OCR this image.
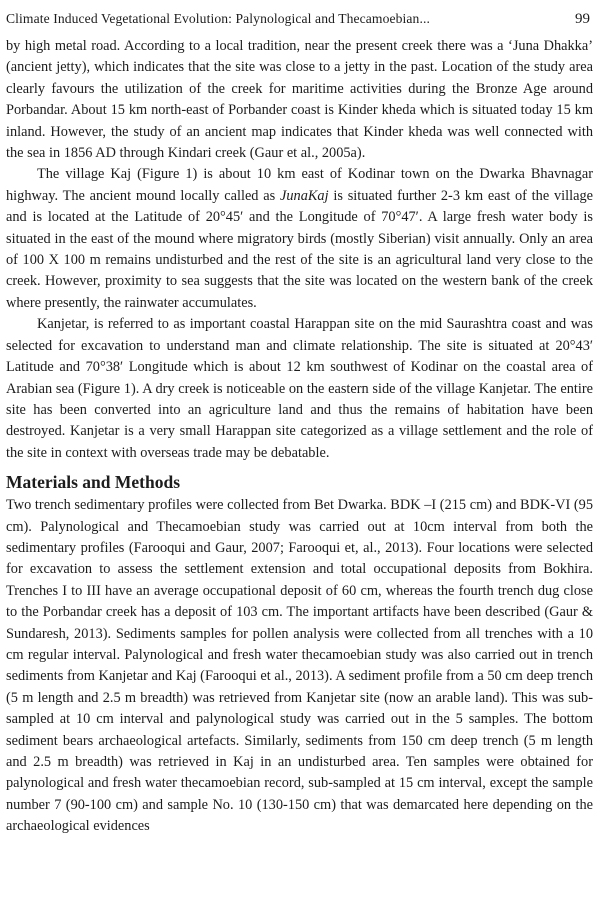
Climate Induced Vegetational Evolution: Palynological and Thecamoebian...	99

by high metal road. According to a local tradition, near the present creek there was a ‘Juna Dhakka’ (ancient jetty), which indicates that the site was close to a jetty in the past. Location of the study area clearly favours the utilization of the creek for maritime activities during the Bronze Age around Porbandar. About 15 km north-east of Porbander coast is Kinder kheda which is situated today 15 km inland. However, the study of an ancient map indicates that Kinder kheda was well connected with the sea in 1856 AD through Kindari creek (Gaur et al., 2005a).

The village Kaj (Figure 1) is about 10 km east of Kodinar town on the Dwarka Bhavnagar highway. The ancient mound locally called as JunaKaj is situated further 2-3 km east of the village and is located at the Latitude of 20°45′ and the Longitude of 70°47′. A large fresh water body is situated in the east of the mound where migratory birds (mostly Siberian) visit annually. Only an area of 100 X 100 m remains undisturbed and the rest of the site is an agricultural land very close to the creek. However, proximity to sea suggests that the site was located on the western bank of the creek where presently, the rainwater accumulates.

Kanjetar, is referred to as important coastal Harappan site on the mid Saurashtra coast and was selected for excavation to understand man and climate relationship. The site is situated at 20°43′ Latitude and 70°38′ Longitude which is about 12 km southwest of Kodinar on the coastal area of Arabian sea (Figure 1). A dry creek is noticeable on the eastern side of the village Kanjetar. The entire site has been converted into an agriculture land and thus the remains of habitation have been destroyed. Kanjetar is a very small Harappan site categorized as a village settlement and the role of the site in context with overseas trade may be debatable.

Materials and Methods

Two trench sedimentary profiles were collected from Bet Dwarka. BDK –I (215 cm) and BDK-VI (95 cm). Palynological and Thecamoebian study was carried out at 10cm interval from both the sedimentary profiles (Farooqui and Gaur, 2007; Farooqui et, al., 2013). Four locations were selected for excavation to assess the settlement extension and total occupational deposits from Bokhira. Trenches I to III have an average occupational deposit of 60 cm, whereas the fourth trench dug close to the Porbandar creek has a deposit of 103 cm. The important artifacts have been described (Gaur & Sundaresh, 2013). Sediments samples for pollen analysis were collected from all trenches with a 10 cm regular interval. Palynological and fresh water thecamoebian study was also carried out in trench sediments from Kanjetar and Kaj (Farooqui et al., 2013). A sediment profile from a 50 cm deep trench (5 m length and 2.5 m breadth) was retrieved from Kanjetar site (now an arable land). This was sub-sampled at 10 cm interval and palynological study was carried out in the 5 samples. The bottom sediment bears archaeological artefacts. Similarly, sediments from 150 cm deep trench (5 m length and 2.5 m breadth) was retrieved in Kaj in an undisturbed area. Ten samples were obtained for palynological and fresh water thecamoebian record, sub-sampled at 15 cm interval, except the sample number 7 (90-100 cm) and sample No. 10 (130-150 cm) that was demarcated here depending on the archaeological evidences
